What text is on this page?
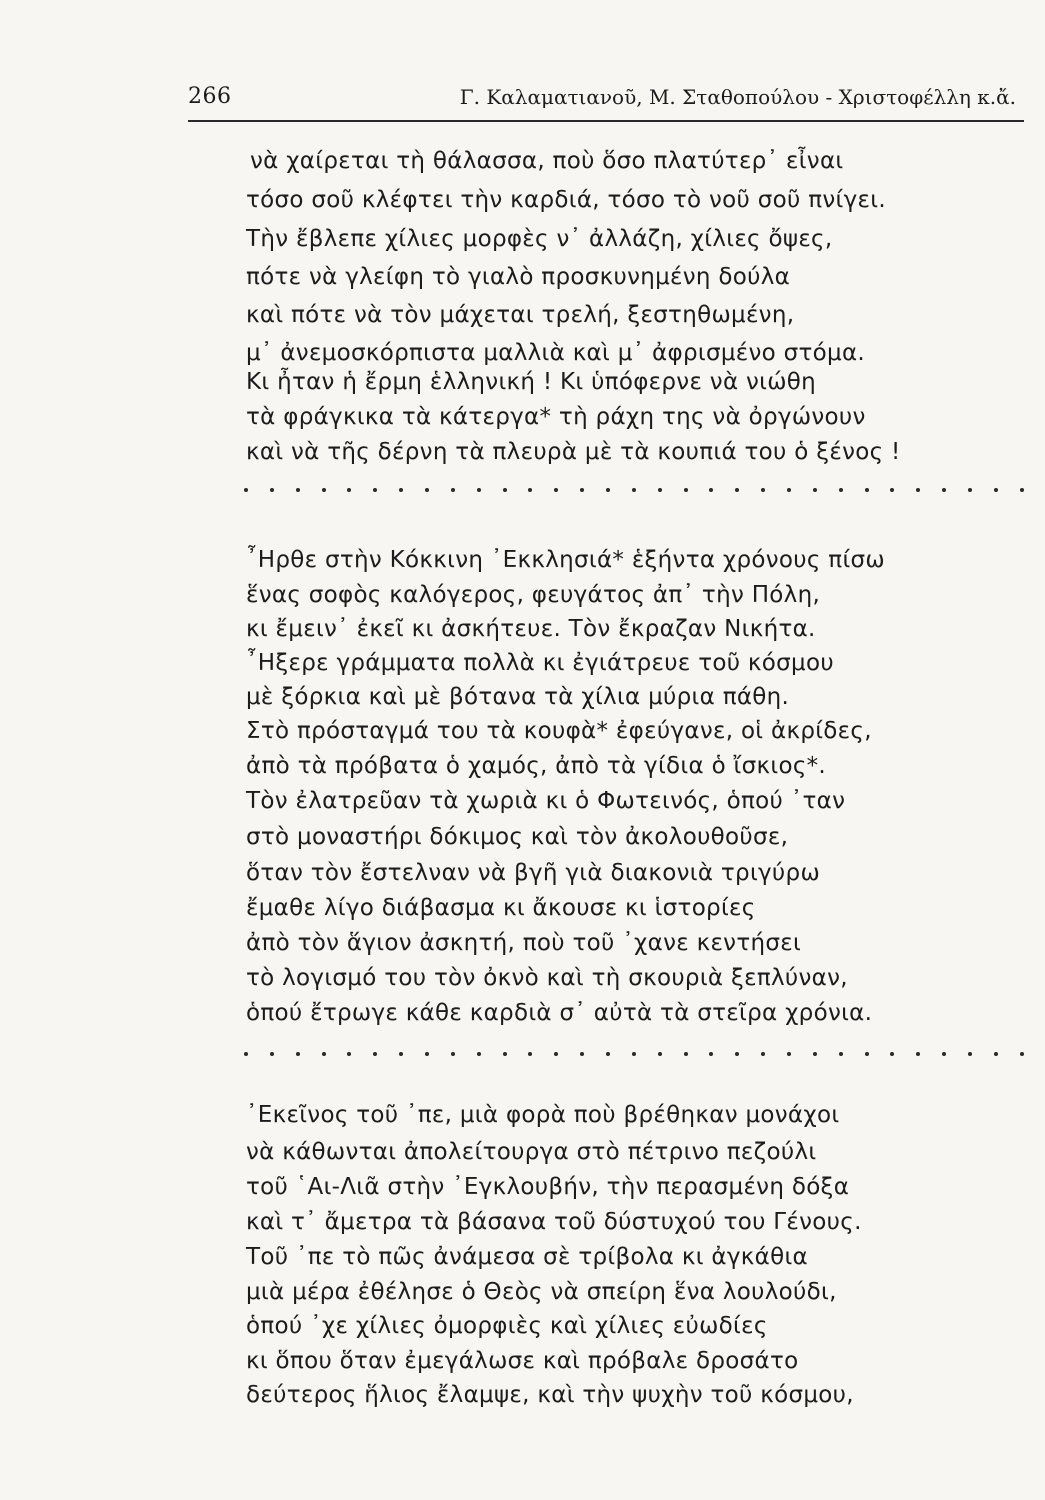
266	Γ. Καλαματιανοῦ, Μ. Σταθοπούλου - Χριστοφέλλη κ.ἄ.
νὰ χαίρεται τὴ θάλασσα, ποὺ ὅσο πλατύτερ᾽ εἶναι
τόσο σοῦ κλέφτει τὴν καρδιά, τόσο τὸ νοῦ σοῦ πνίγει.
Τὴν ἔβλεπε χίλιες μορφὲς ν᾽ ἀλλάζη, χίλιες ὄψες,
πότε νὰ γλείφη τὸ γιαλὸ προσκυνημένη δούλα
καὶ πότε νὰ τὸν μάχεται τρελή, ξεστηθωμένη,
μ᾽ ἀνεμοσκόρπιστα μαλλιὰ καὶ μ᾽ ἀφρισμένο στόμα.
Κι ἦταν ἡ ἔρμη ἑλληνική ! Κι ὑπόφερνε νὰ νιώθη
τὰ φράγκικα τὰ κάτεργα* τὴ ράχη της νὰ ὀργώνουν
καὶ νὰ τῆς δέρνη τὰ πλευρὰ μὲ τὰ κουπιά του ὁ ξένος !
῏Ηρθε στὴν Κόκκινη ᾽Εκκλησιά* ἑξήντα χρόνους πίσω
ἕνας σοφὸς καλόγερος, φευγάτος ἀπ᾽ τὴν Πόλη,
κι ἔμειν᾽ ἐκεῖ κι ἀσκήτευε. Τὸν ἔκραζαν Νικήτα.
῏Ηξερε γράμματα πολλὰ κι ἐγιάτρευε τοῦ κόσμου
μὲ ξόρκια καὶ μὲ βότανα τὰ χίλια μύρια πάθη.
Στὸ πρόσταγμά του τὰ κουφὰ* ἐφεύγανε, οἱ ἀκρίδες,
ἀπὸ τὰ πρόβατα ὁ χαμός, ἀπὸ τὰ γίδια ὁ ἴσκιος*.
Τὸν ἐλατρεῦαν τὰ χωριὰ κι ὁ Φωτεινός, ὁπού ᾽ταν
στὸ μοναστήρι δόκιμος καὶ τὸν ἀκολουθοῦσε,
ὅταν τὸν ἔστελναν νὰ βγῆ γιὰ διακονιὰ τριγύρω
ἔμαθε λίγο διάβασμα κι ἄκουσε κι ἱστορίες
ἀπὸ τὸν ἅγιον ἀσκητή, ποὺ τοῦ ᾽χανε κεντήσει
τὸ λογισμό του τὸν ὀκνὸ καὶ τὴ σκουριὰ ξεπλύναν,
ὁπού ἔτρωγε κάθε καρδιὰ σ᾽ αὐτὰ τὰ στεῖρα χρόνια.
᾽Εκεῖνος τοῦ ᾽πε, μιὰ φορὰ ποὺ βρέθηκαν μονάχοι
νὰ κάθωνται ἀπολείτουργα στὸ πέτρινο πεζούλι
τοῦ ῾Αι-Λιᾶ στὴν ᾽Εγκλουβήν, τὴν περασμένη δόξα
καὶ τ᾽ ἄμετρα τὰ βάσανα τοῦ δύστυχού του Γένους.
Τοῦ ᾽πε τὸ πῶς ἀνάμεσα σὲ τρίβολα κι ἀγκάθια
μιὰ μέρα ἐθέλησε ὁ Θεὸς νὰ σπείρη ἕνα λουλούδι,
ὁπού ᾽χε χίλιες ὀμορφιὲς καὶ χίλιες εὐωδίες
κι ὅπου ὅταν ἐμεγάλωσε καὶ πρόβαλε δροσάτο
δεύτερος ἥλιος ἔλαμψε, καὶ τὴν ψυχὴν τοῦ κόσμου,
